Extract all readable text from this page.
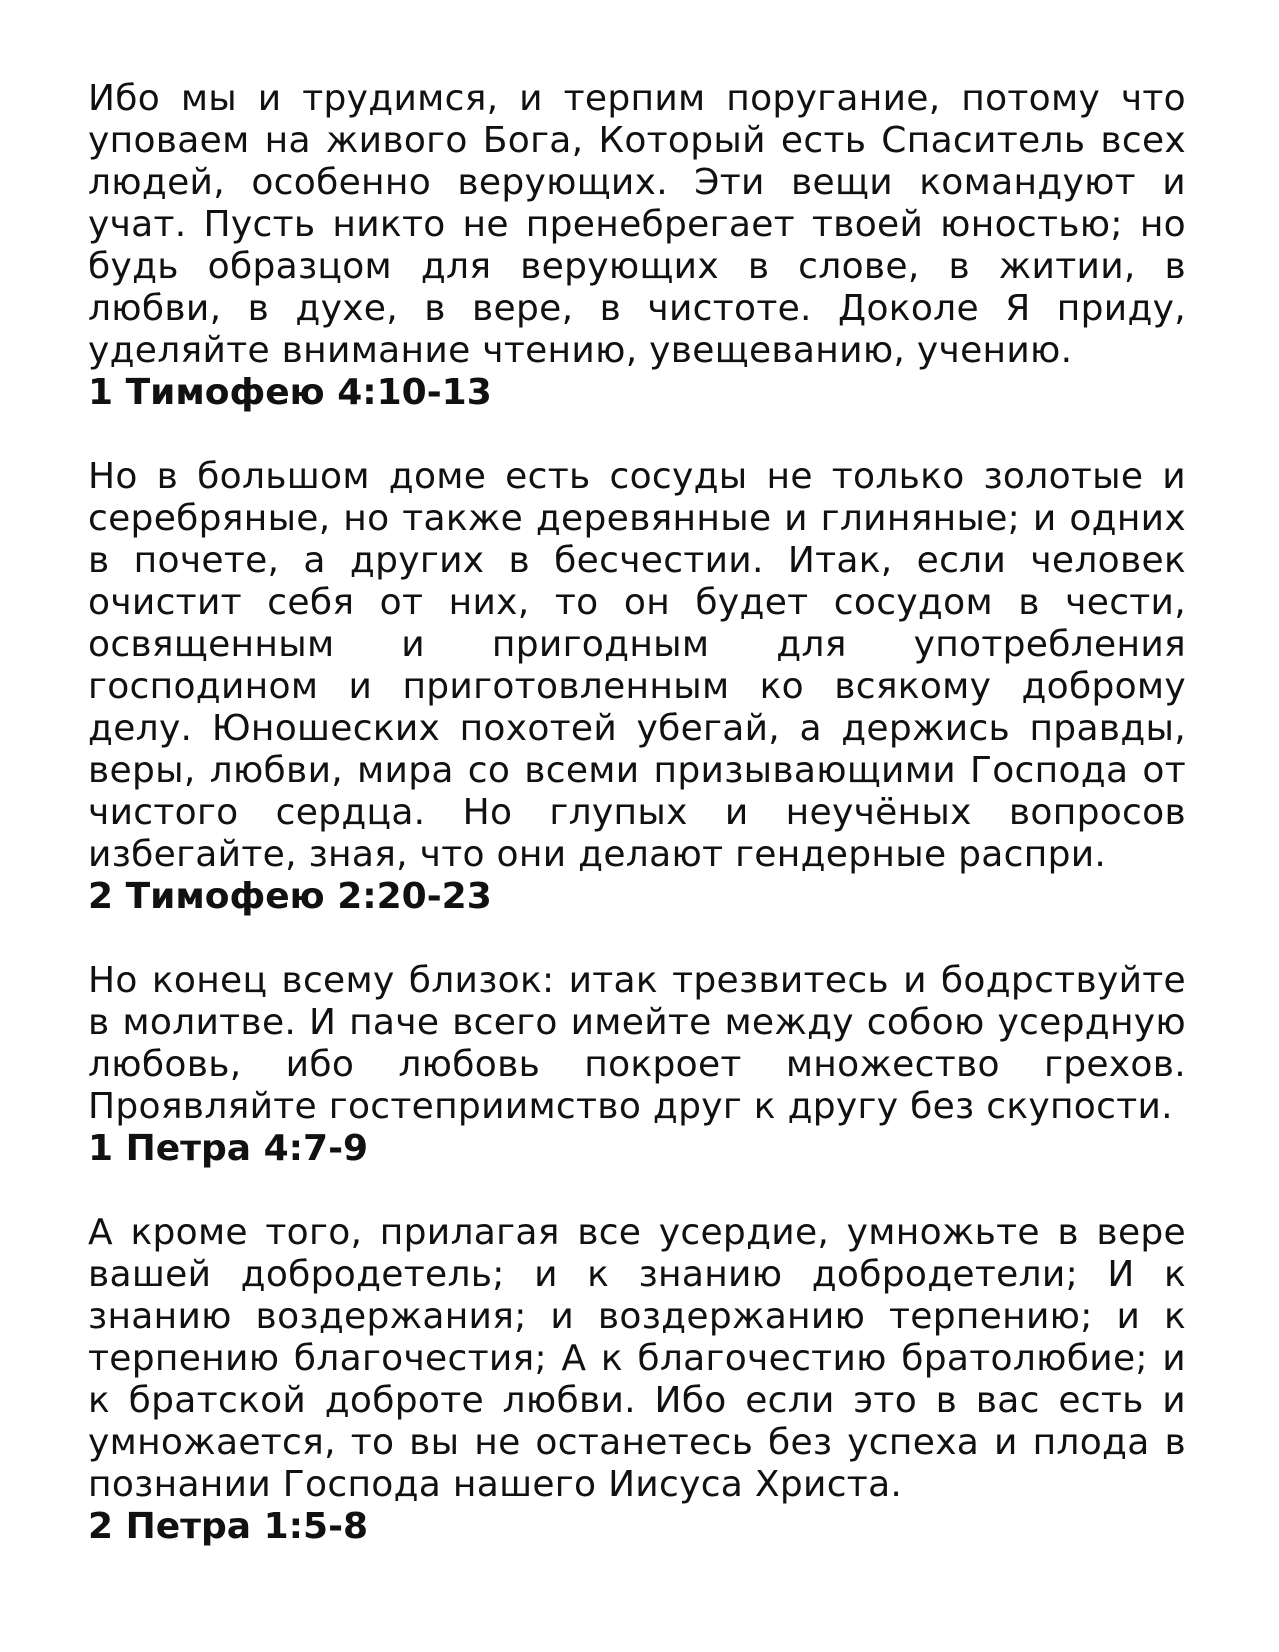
Ибо мы и трудимся, и терпим поругание, потому что уповаем на живого Бога, Который есть Спаситель всех людей, особенно верующих. Эти вещи командуют и учат. Пусть никто не пренебрегает твоей юностью; но будь образцом для верующих в слове, в житии, в любви, в духе, в вере, в чистоте. Доколе Я приду, уделяйте внимание чтению, увещеванию, учению.

1 Тимофею 4:10-13

Но в большом доме есть сосуды не только золотые и серебряные, но также деревянные и глиняные; и одних в почете, а других в бесчестии. Итак, если человек очистит себя от них, то он будет сосудом в чести, освященным и пригодным для употребления господином и приготовленным ко всякому доброму делу. Юношеских похотей убегай, а держись правды, веры, любви, мира со всеми призывающими Господа от чистого сердца. Но глупых и неучёных вопросов избегайте, зная, что они делают гендерные распри.

2 Тимофею 2:20-23

Но конец всему близок: итак трезвитесь и бодрствуйте в молитве. И паче всего имейте между собою усердную любовь, ибо любовь покроет множество грехов. Проявляйте гостеприимство друг к другу без скупости.

1 Петра 4:7-9

А кроме того, прилагая все усердие, умножьте в вере вашей добродетель; и к знанию добродетели; И к знанию воздержания; и воздержанию терпению; и к терпению благочестия; А к благочестию братолюбие; и к братской доброте любви. Ибо если это в вас есть и умножается, то вы не останетесь без успеха и плода в познании Господа нашего Иисуса Христа.

2 Петра 1:5-8
